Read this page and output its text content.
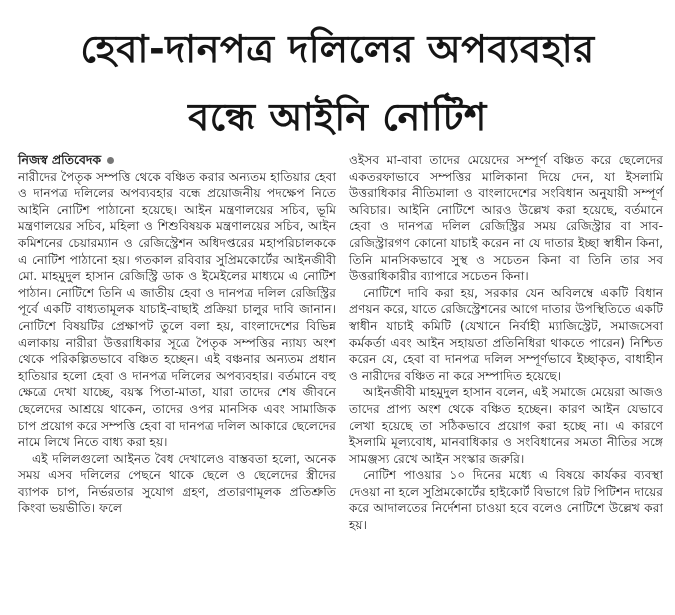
হেবা-দানপত্র দলিলের অপব্যবহার
বন্ধে আইনি নোটিশ
নিজস্ব প্রতিবেদক

নারীদের পৈতৃক সম্পত্তি থেকে বঞ্চিত করার অন্যতম হাতিয়ার হেবা ও দানপত্র দলিলের অপব্যবহার বন্ধে প্রয়োজনীয় পদক্ষেপ নিতে আইনি নোটিশ পাঠানো হয়েছে। আইন মন্ত্রণালয়ের সচিব, ভূমি মন্ত্রণালয়ের সচিব, মহিলা ও শিশুবিষয়ক মন্ত্রণালয়ের সচিব, আইন কমিশনের চেয়ারম্যান ও রেজিস্ট্রেশন অধিদপ্তরের মহাপরিচালককে এ নোটিশ পাঠানো হয়। গতকাল রবিবার সুপ্রিমকোর্টের আইনজীবী মো. মাহমুদুল হাসান রেজিস্ট্রি ডাক ও ইমেইলের মাধ্যমে এ নোটিশ পাঠান। নোটিশে তিনি এ জাতীয় হেবা ও দানপত্র দলিল রেজিস্ট্রির পূর্বে একটি বাধ্যতামূলক যাচাই-বাছাই প্রক্রিয়া চালুর দাবি জানান। নোটিশে বিষয়টির প্রেক্ষাপট তুলে বলা হয়, বাংলাদেশের বিভিন্ন এলাকায় নারীরা উত্তরাধিকার সূত্রে পৈতৃক সম্পত্তির ন্যায্য অংশ থেকে পরিকল্পিতভাবে বঞ্চিত হচ্ছেন। এই বঞ্চনার অন্যতম প্রধান হাতিয়ার হলো হেবা ও দানপত্র দলিলের অপব্যবহার। বর্তমানে বহু ক্ষেত্রে দেখা যাচ্ছে, বয়স্ক পিতা-মাতা, যারা তাদের শেষ জীবনে ছেলেদের আশ্রয়ে থাকেন, তাদের ওপর মানসিক এবং সামাজিক চাপ প্রয়োগ করে সম্পত্তি হেবা বা দানপত্র দলিল আকারে ছেলেদের নামে লিখে নিতে বাধ্য করা হয়।

এই দলিলগুলো আইনত বৈধ দেখালেও বাস্তবতা হলো, অনেক সময় এসব দলিলের পেছনে থাকে ছেলে ও ছেলেদের স্ত্রীদের ব্যাপক চাপ, নির্ভরতার সুযোগ গ্রহণ, প্রতারণামূলক প্রতিশ্রুতি কিংবা ভয়ভীতি। ফলে

ওইসব মা-বাবা তাদের মেয়েদের সম্পূর্ণ বঞ্চিত করে ছেলেদের একতরফাভাবে সম্পত্তির মালিকানা দিয়ে দেন, যা ইসলামি উত্তরাধিকার নীতিমালা ও বাংলাদেশের সংবিধান অনুযায়ী সম্পূর্ণ অবিচার। আইনি নোটিশে আরও উল্লেখ করা হয়েছে, বর্তমানে হেবা ও দানপত্র দলিল রেজিস্ট্রির সময় রেজিস্ট্রার বা সাব-রেজিস্ট্রারগণ কোনো যাচাই করেন না যে দাতার ইচ্ছা স্বাধীন কিনা, তিনি মানসিকভাবে সুস্থ ও সচেতন কিনা বা তিনি তার সব উত্তরাধিকারীর ব্যাপারে সচেতন কিনা।

নোটিশে দাবি করা হয়, সরকার যেন অবিলম্বে একটি বিধান প্রণয়ন করে, যাতে রেজিস্ট্রেশনের আগে দাতার উপস্থিতিতে একটি স্বাধীন যাচাই কমিটি (যেখানে নির্বাহী ম্যাজিস্ট্রেট, সমাজসেবা কর্মকর্তা এবং আইন সহায়তা প্রতিনিধিরা থাকতে পারেন) নিশ্চিত করেন যে, হেবা বা দানপত্র দলিল সম্পূর্ণভাবে ইচ্ছাকৃত, বাধাহীন ও নারীদের বঞ্চিত না করে সম্পাদিত হয়েছে।

আইনজীবী মাহমুদুল হাসান বলেন, এই সমাজে মেয়েরা আজও তাদের প্রাপ্য অংশ থেকে বঞ্চিত হচ্ছেন। কারণ আইন যেভাবে লেখা হয়েছে তা সঠিকভাবে প্রয়োগ করা হচ্ছে না। এ কারণে ইসলামি মূল্যবোধ, মানবাধিকার ও সংবিধানের সমতা নীতির সঙ্গে সামঞ্জস্য রেখে আইন সংস্কার জরুরি।

নোটিশ পাওয়ার ১০ দিনের মধ্যে এ বিষয়ে কার্যকর ব্যবস্থা দেওয়া না হলে সুপ্রিমকোর্টের হাইকোর্ট বিভাগে রিট পিটিশন দায়ের করে আদালতের নির্দেশনা চাওয়া হবে বলেও নোটিশে উল্লেখ করা হয়।
